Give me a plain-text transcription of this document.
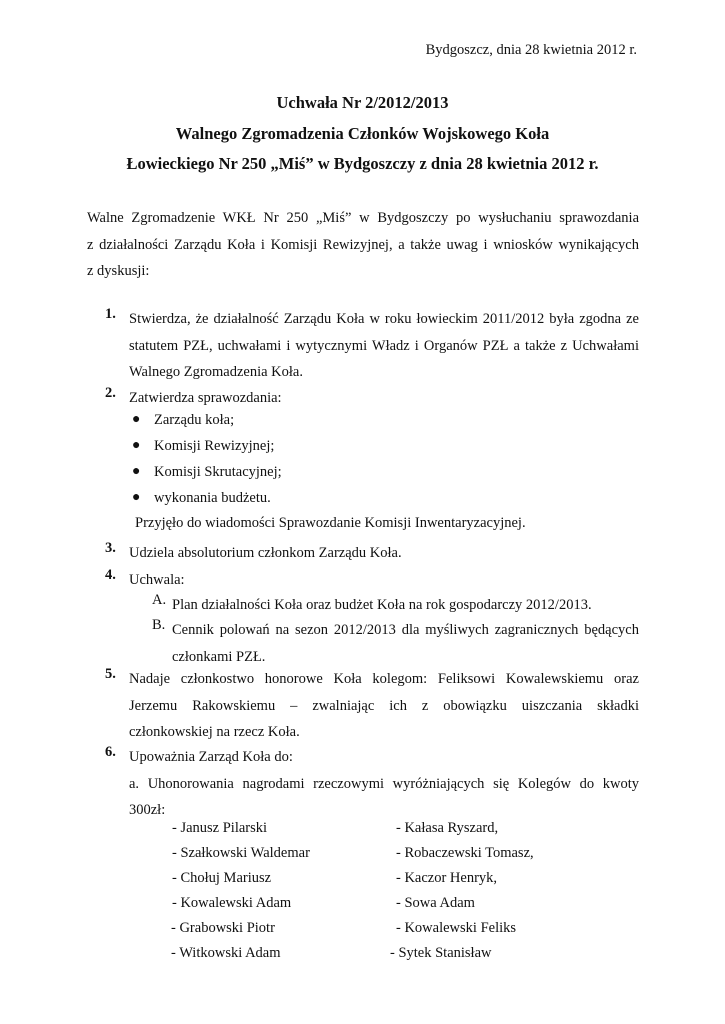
Bydgoszcz, dnia 28 kwietnia 2012 r.
Uchwała Nr 2/2012/2013
Walnego Zgromadzenia Członków Wojskowego Koła
Łowieckiego Nr 250 „Miś” w Bydgoszczy z dnia 28 kwietnia 2012 r.
Walne Zgromadzenie WKŁ Nr 250 „Miś” w Bydgoszczy po wysłuchaniu sprawozdania
z działalności Zarządu Koła i Komisji Rewizyjnej, a także uwag i wniosków wynikających
z dyskusji:
1. Stwierdza, że działalność Zarządu Koła w roku łowieckim 2011/2012 była zgodna ze
statutem PZŁ, uchwałami i wytycznymi Władz i Organów PZŁ a także z Uchwałami
Walnego Zgromadzenia Koła.
2. Zatwierdza sprawozdania:
● Zarządu koła;
● Komisji Rewizyjnej;
● Komisji Skrutacyjnej;
● wykonania budżetu.
Przyjęło do wiadomości Sprawozdanie Komisji Inwentaryzacyjnej.
3. Udziela absolutorium członkom Zarządu Koła.
4. Uchwala:
A. Plan działalności Koła oraz budżet Koła na rok gospodarczy 2012/2013.
B. Cennik polowań na sezon 2012/2013 dla myśliwych zagranicznych będących
członkami PZŁ.
5. Nadaje członkostwo honorowe Koła kolegom: Feliksowi Kowalewskiemu oraz
Jerzemu Rakowskiemu – zwalniając ich z obowiązku uiszczania składki
członkowskiej na rzecz Koła.
6. Upoważnia Zarząd Koła do:
a. Uhonorowania nagrodami rzeczowymi wyróżniających się Kolegów do kwoty
300zł:
- Janusz Pilarski
- Szałkowski Waldemar
- Chołuj Mariusz
- Kowalewski Adam
- Grabowski Piotr
- Witkowski Adam
- Kałasa Ryszard,
- Robaczewski Tomasz,
- Kaczor Henryk,
- Sowa Adam
- Kowalewski Feliks
- Sytek Stanisław
